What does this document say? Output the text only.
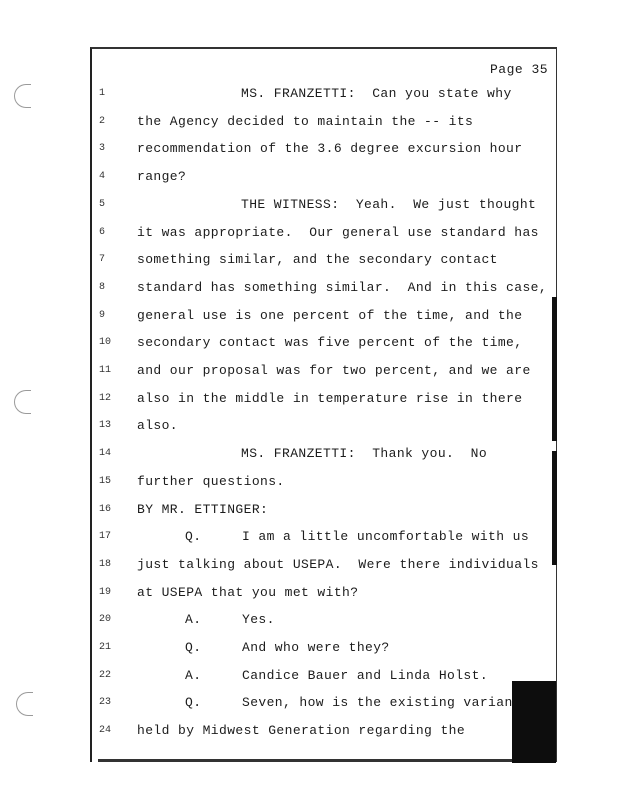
Page 35
1	MS. FRANZETTI:  Can you state why
2	the Agency decided to maintain the -- its
3	recommendation of the 3.6 degree excursion hour
4	range?
5	THE WITNESS:  Yeah.  We just thought
6	it was appropriate.  Our general use standard has
7	something similar, and the secondary contact
8	standard has something similar.  And in this case,
9	general use is one percent of the time, and the
10	secondary contact was five percent of the time,
11	and our proposal was for two percent, and we are
12	also in the middle in temperature rise in there
13	also.
14	MS. FRANZETTI:  Thank you.  No
15	further questions.
16	BY MR. ETTINGER:
17	Q.	I am a little uncomfortable with us
18	just talking about USEPA.  Were there individuals
19	at USEPA that you met with?
20	A.	Yes.
21	Q.	And who were they?
22	A.	Candice Bauer and Linda Holst.
23	Q.	Seven, how is the existing varian
24	held by Midwest Generation regarding the
